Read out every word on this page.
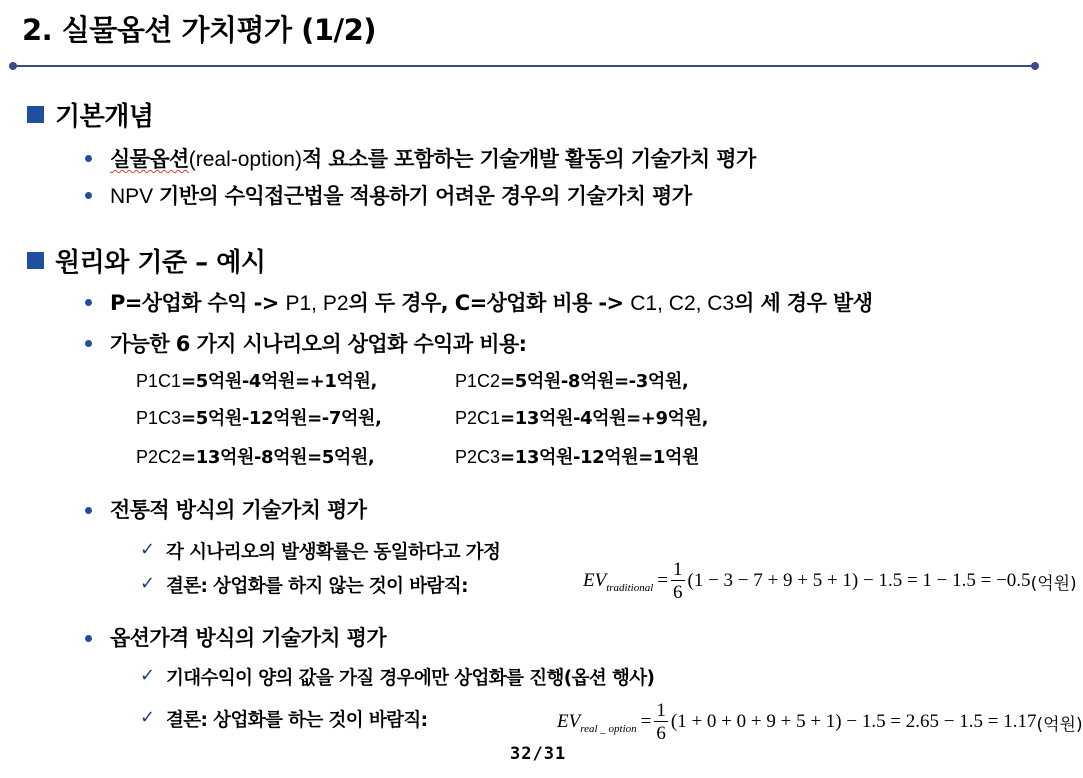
2. 실물옵션 가치평가 (1/2)
기본개념
실물옵션(real-option)적 요소를 포함하는 기술개발 활동의 기술가치 평가
NPV 기반의 수익접근법을 적용하기 어려운 경우의 기술가치 평가
원리와 기준 – 예시
P=상업화 수익 -> P1, P2의 두 경우, C=상업화 비용 -> C1, C2, C3의 세 경우 발생
가능한 6 가지 시나리오의 상업화 수익과 비용:
P1C1=5억원-4억원=+1억원,	P1C2=5억원-8억원=-3억원,
P1C3=5억원-12억원=-7억원,	P2C1=13억원-4억원=+9억원,
P2C2=13억원-8억원=5억원,	P2C3=13억원-12억원=1억원
전통적 방식의 기술가치 평가
✓ 각 시나리오의 발생확률은 동일하다고 가정
✓ 결론: 상업화를 하지 않는 것이 바람직:	EV traditional = $\frac{1}{6} (1 - 3 - 7 + 9 + 5 + 1) - 1.5 = 1 - 1.5 = -0.5$ (억원)
옵션가격 방식의 기술가치 평가
✓ 기대수익이 양의 값을 가질 경우에만 상업화를 진행(옵션 행사)
✓ 결론: 상업화를 하는 것이 바람직:	EV real _ option = $\frac{1}{6} (1 + 0 + 0 + 9 + 5 + 1) - 1.5 = 2.65 - 1.5 = 1.17$ (억원)
32/31
